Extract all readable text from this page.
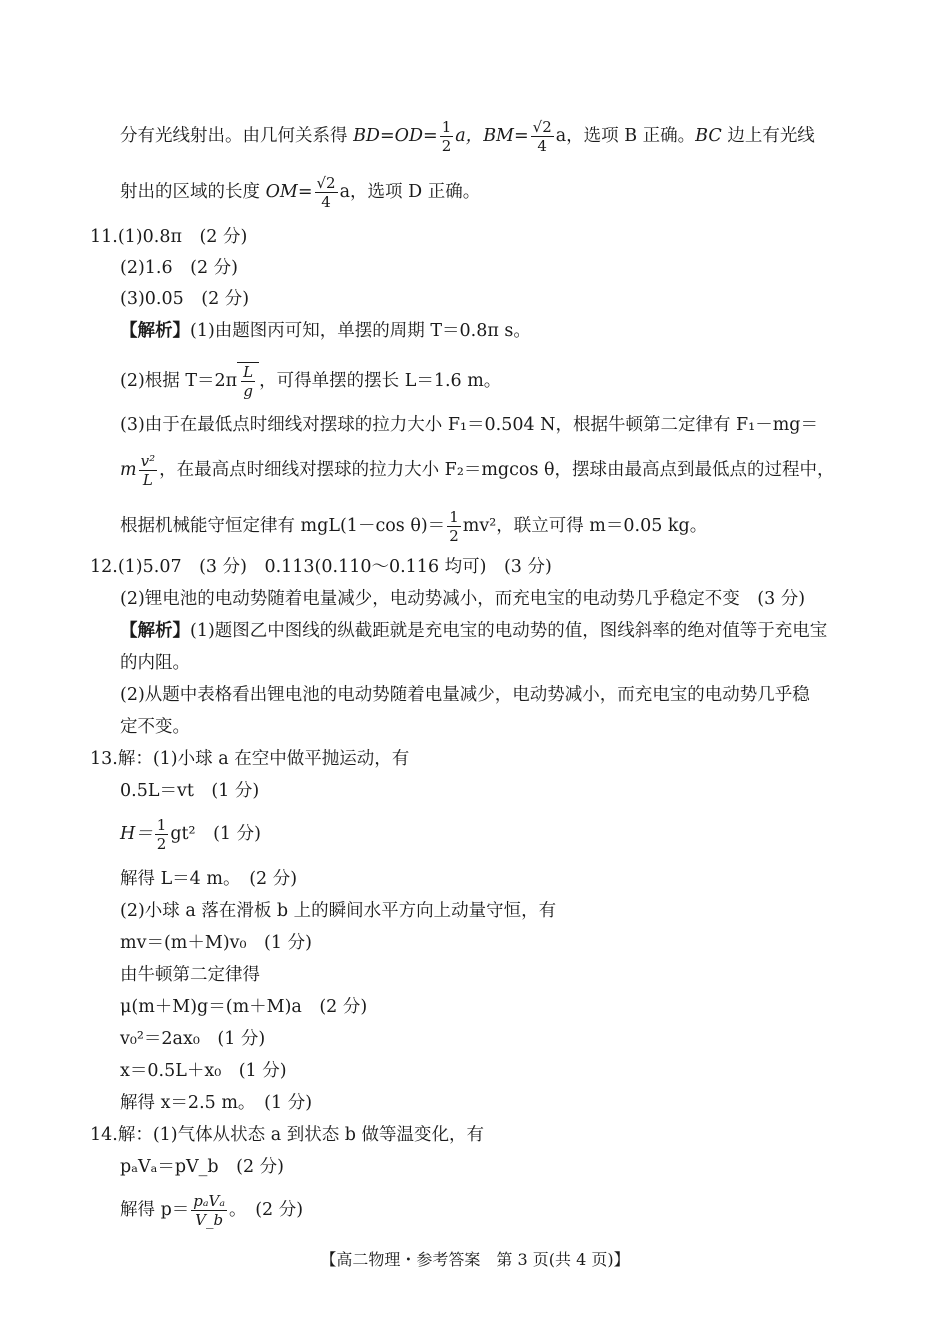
分有光线射出。由几何关系得 $BD=OD= \frac{1}{2}$ a，$BM= \frac{√2}{4}$ a，选项 B 正确。BC 边上有光线
射出的区域的长度 $OM= \frac{√2}{4}$ a，选项 D 正确。
11.(1)0.8π　(2 分)
(2)1.6　(2 分)
(3)0.05　(2 分)
【解析】(1)由题图丙可知，单摆的周期 T＝0.8π s。
(2)根据 $T=2\pi \frac{L}{g}$ ，可得单摆的摆长 L＝1.6 m。
(3)由于在最低点时细线对摆球的拉力大小 F₁＝0.504 N，根据牛顿第二定律有 F₁－mg＝
m $\frac{\text{v²}}{L}$ ，在最高点时细线对摆球的拉力大小 F₂＝mgcos θ，摆球由最高点到最低点的过程中，
根据机械能守恒定律有 mgL(1－cos $\theta)= \frac{1}{2} mv^2$，联立可得 m＝0.05 kg。
12.(1)5.07　(3 分)　0.113(0.110～0.116 均可)　(3 分)
(2)锂电池的电动势随着电量减少，电动势减小，而充电宝的电动势几乎稳定不变　(3 分)
【解析】(1)题图乙中图线的纵截距就是充电宝的电动势的值，图线斜率的绝对值等于充电宝
的内阻。
(2)从题中表格看出锂电池的电动势随着电量减少，电动势减小，而充电宝的电动势几乎稳
定不变。
13.解：(1)小球 a 在空中做平抛运动，有
0.5L＝vt　(1 分)
$H= \frac{1}{2} gt^2$　(1 分)
解得 L＝4 m。　(2 分)
(2)小球 a 落在滑板 b 上的瞬间水平方向上动量守恒，有
mv＝(m＋M)v₀　(1 分)
由牛顿第二定律得
μ(m＋M)g＝(m＋M)a　(2 分)
v₀²＝2ax₀　(1 分)
x＝0.5L＋x₀　(1 分)
解得 x＝2.5 m。　(1 分)
14.解：(1)气体从状态 a 到状态 b 做等温变化，有
pₐVₐ＝pV_b　(2 分)
解得 $p= \frac{\text{pₐVₐ}}{V\_b}$ 。　(2 分)
【高二物理・参考答案　第 3 页(共 4 页)】
